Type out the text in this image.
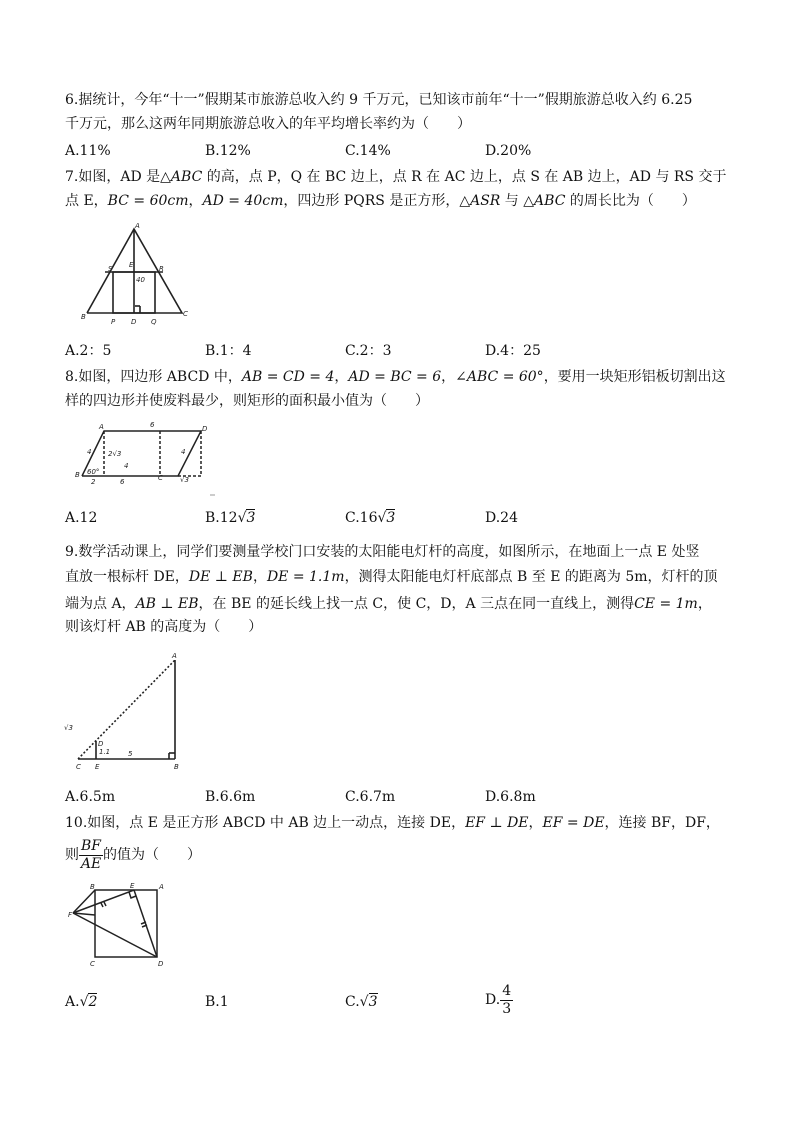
6.据统计，今年“十一”假期某市旅游总收入约 9 千万元，已知该市前年“十一”假期旅游总收入约 6.25
千万元，那么这两年同期旅游总收入的年平均增长率约为（　　）
A.11%	B.12%	C.14%	D.20%
7.如图，AD 是△ABC 的高，点 P，Q 在 BC 边上，点 R 在 AC 边上，点 S 在 AB 边上，AD 与 RS 交于
点 E，BC = 60cm，AD = 40cm，四边形 PQRS 是正方形，△ASR 与 △ABC 的周长比为（　　）
A
S E	R
B
P D Q
C
40
A.2：5	B.1：4	C.2：3	D.4：25
8.如图，四边形 ABCD 中，AB = CD = 4，AD = BC = 6，∠ABC = 60°，要用一块矩形铝板切割出这
样的四边形并使废料最少，则矩形的面积最小值为（　　）
A	6	D
4 2√3
60°
4
4
B
2	6	C √3
A.12	B.12√3	C.16√3	D.24
9.数学活动课上，同学们要测量学校门口安装的太阳能电灯杆的高度，如图所示，在地面上一点 E 处竖
直放一根标杆 DE，DE ⊥ EB，DE = 1.1m，测得太阳能电灯杆底部点 B 至 E 的距离为 5m，灯杆的顶
端为点 A，AB ⊥ EB，在 BE 的延长线上找一点 C，使 C，D，A 三点在同一直线上，测得CE = 1m，
则该灯杆 AB 的高度为（　　）
A
D
1.1
C E
5
B
√3
A.6.5m	B.6.6m	C.6.7m	D.6.8m
10.如图，点 E 是正方形 ABCD 中 AB 边上一动点，连接 DE，EF ⊥ DE，EF = DE，连接 BF，DF，
则 $\frac{BF}{AE}$ 的值为（　　）
B	E	A
F
C	D
A.√2	B.1	C.√3	D. $\frac{4}{3}$
